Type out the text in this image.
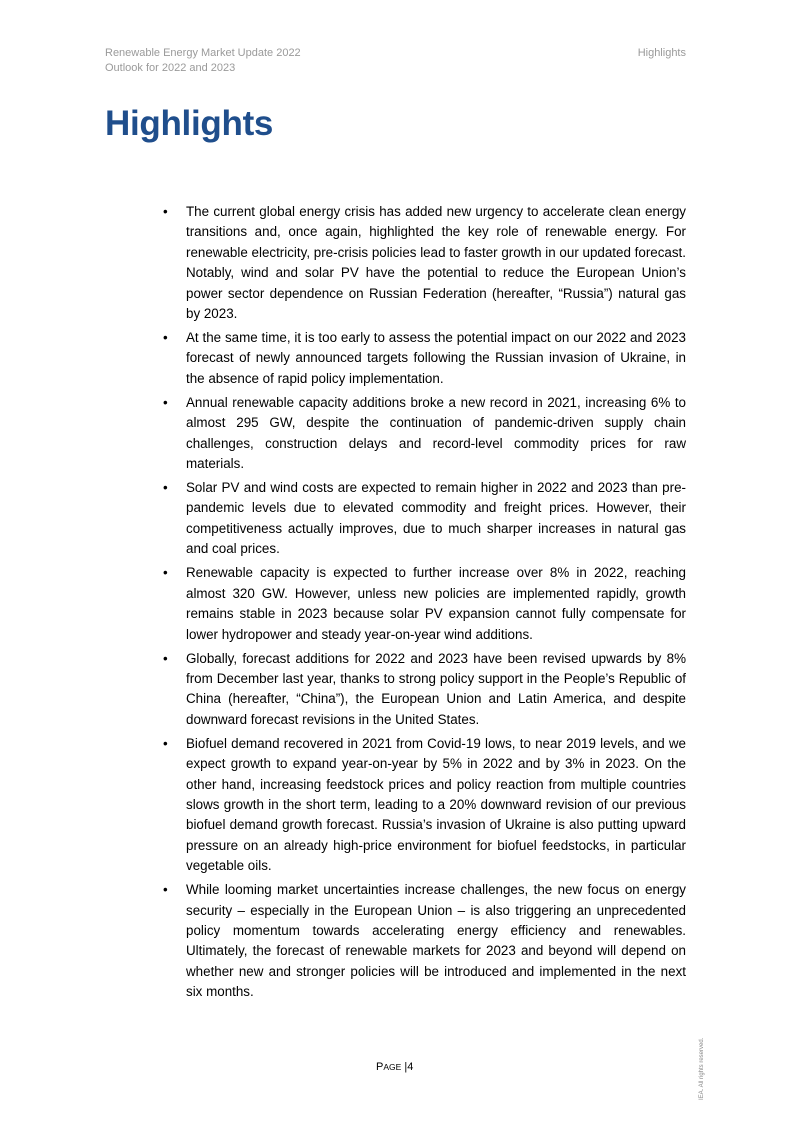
Renewable Energy Market Update 2022
Outlook for 2022 and 2023
Highlights
Highlights
• The current global energy crisis has added new urgency to accelerate clean energy transitions and, once again, highlighted the key role of renewable energy. For renewable electricity, pre-crisis policies lead to faster growth in our updated forecast. Notably, wind and solar PV have the potential to reduce the European Union’s power sector dependence on Russian Federation (hereafter, “Russia”) natural gas by 2023.
• At the same time, it is too early to assess the potential impact on our 2022 and 2023 forecast of newly announced targets following the Russian invasion of Ukraine, in the absence of rapid policy implementation.
• Annual renewable capacity additions broke a new record in 2021, increasing 6% to almost 295 GW, despite the continuation of pandemic-driven supply chain challenges, construction delays and record-level commodity prices for raw materials.
• Solar PV and wind costs are expected to remain higher in 2022 and 2023 than pre-pandemic levels due to elevated commodity and freight prices. However, their competitiveness actually improves, due to much sharper increases in natural gas and coal prices.
• Renewable capacity is expected to further increase over 8% in 2022, reaching almost 320 GW. However, unless new policies are implemented rapidly, growth remains stable in 2023 because solar PV expansion cannot fully compensate for lower hydropower and steady year-on-year wind additions.
• Globally, forecast additions for 2022 and 2023 have been revised upwards by 8% from December last year, thanks to strong policy support in the People’s Republic of China (hereafter, “China”), the European Union and Latin America, and despite downward forecast revisions in the United States.
• Biofuel demand recovered in 2021 from Covid-19 lows, to near 2019 levels, and we expect growth to expand year-on-year by 5% in 2022 and by 3% in 2023. On the other hand, increasing feedstock prices and policy reaction from multiple countries slows growth in the short term, leading to a 20% downward revision of our previous biofuel demand growth forecast. Russia’s invasion of Ukraine is also putting upward pressure on an already high-price environment for biofuel feedstocks, in particular vegetable oils.
• While looming market uncertainties increase challenges, the new focus on energy security – especially in the European Union – is also triggering an unprecedented policy momentum towards accelerating energy efficiency and renewables. Ultimately, the forecast of renewable markets for 2023 and beyond will depend on whether new and stronger policies will be introduced and implemented in the next six months.
PAGE |4	IEA. All rights reserved.
